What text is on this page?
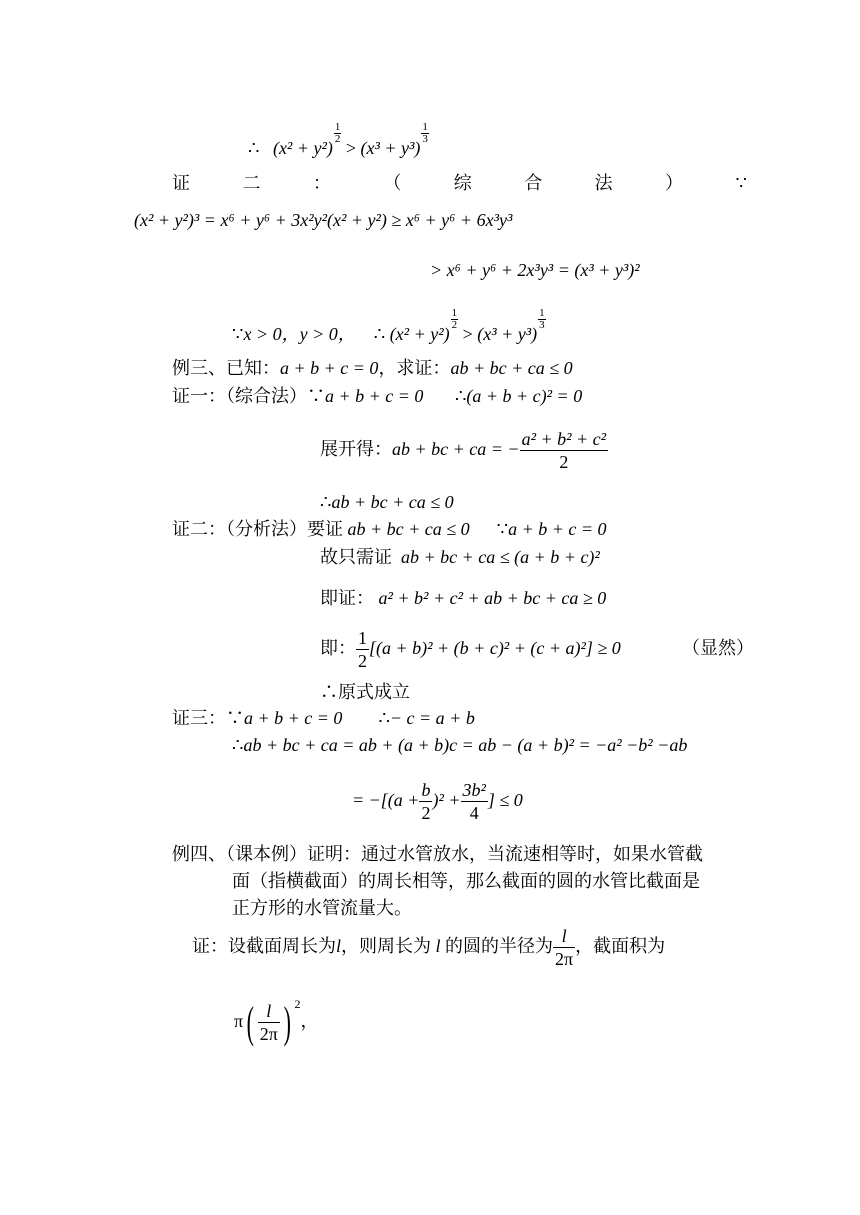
∴ (x² + y²)
$\frac{1}{2}$
> (x³ + y³)
$\frac{1}{3}$
证	二	：	（	综	合	法	）	∵
(x² + y²)³ = x⁶ + y⁶ + 3x²y²(x² + y²) ≥ x⁶ + y⁶ + 6x³y³
> x⁶ + y⁶ + 2x³y³ = (x³ + y³)²
∵x > 0，y > 0， ∴ (x² + y²)
$\frac{1}{2}$
> (x³ + y³)
$\frac{1}{3}$
例三、已知：a + b + c = 0，求证：ab + bc + ca ≤ 0
证一：（综合法）∵a + b + c = 0 ∴(a + b + c)² = 0
展开得：ab + bc + ca = − $\frac{\text{a² + b² + c²}}{2}$
∴ab + bc + ca ≤ 0
证二：（分析法）要证 ab + bc + ca ≤ 0 ∵a + b + c = 0
故只需证 ab + bc + ca ≤ (a + b + c)²
即证： a² + b² + c² + ab + bc + ca ≥ 0
即： $\frac{1}{2} [(a + b)^2 + (b + c)^2 + (c + a)^2] \ge 0$	（显然）
∴原式成立
证三：∵a + b + c = 0 ∴− c = a + b
∴ab + bc + ca = ab + (a + b)c = ab − (a + b)² = −a² −b² −ab
= $-[(a + \frac{b}{2} )^2 + \frac{\text{3b²}}{4}$ ] ≤ 0
例四、（课本例）证明：通过水管放水，当流速相等时，如果水管截
面（指横截面）的周长相等，那么截面的圆的水管比截面是
正方形的水管流量大。
证：设截面周长为l，则周长为 l 的圆的半径为 $\frac{l}{2\pi}$ ，截面积为
$\pi( \frac{l}{2\pi}$ ) $^2$，
